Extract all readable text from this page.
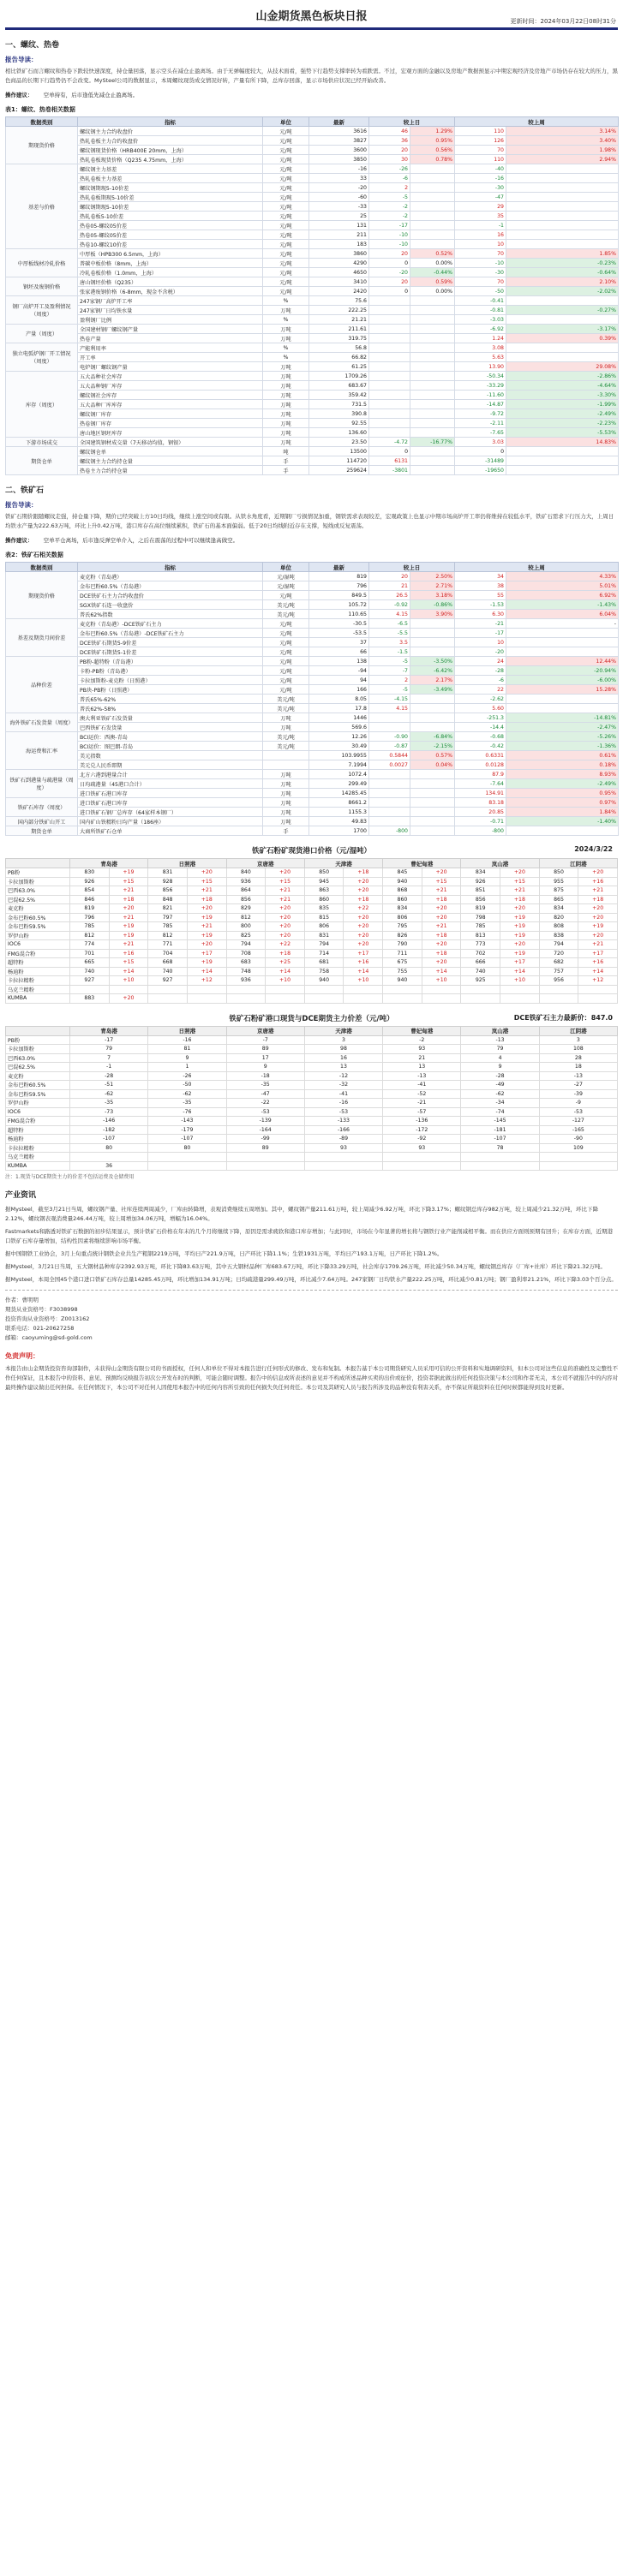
山金期货黑色板块日报	更新时间：2024年03月22日08时31分
一、螺纹、热卷
报告导读：
相比铁矿石而言螺纹和热卷下跌较快速深度，持仓量回落，显示空头在减仓止盈离场。由于无弹幅度较大，从技术面看，强势下行趋势支撑率转为看跌需。不过，宏观方面的金融以及房地产数据预显示中期宏观经济及房地产市场仍存在较大的压力，黑色商品的长期下行趋势仍不会改变。MySteel公司的数据显示，本周螺纹现货成交情况好转，产量有所下降，总库存回落，显示市场供应状况已经开始改善。
操作建议： 空单持有，后市逢低先减仓止盈离场。
表1：螺纹、热卷相关数据
数据类别	指标	单位	最新	较上日		较上周	
期现货价格	螺纹钢主力合约收盘价	元/吨	3616	46	1.29%	110	3.14%
	热轧卷板主力合约收盘价	元/吨	3827	36	0.95%	126	3.40%
	螺纹钢现货价格（HRB400E 20mm，上海）	元/吨	3600	20	0.56%	70	1.98%
	热轧卷板现货价格（Q235 4.75mm，上海）	元/吨	3850	30	0.78%	110	2.94%
基差与价格	螺纹钢主力基差	元/吨	-16	-26		-40	
	热轧卷板主力基差	元/吨	33	-6		-16	
	螺纹钢期现5-10价差	元/吨	-20	2		-30	
	热轧卷板期现5-10价差	元/吨	-60	-5		-47	
	螺纹钢期现5-10价差	元/吨	-33	-2		29	
	热轧卷板5-10价差	元/吨	25	-2		35	
	热卷05-螺纹05价差	元/吨	131	-17		-1	
	热卷05-螺纹05价差	元/吨	211	-10		16	
	热卷10-螺纹10价差	元/吨	183	-10		10	
中厚板线材冷轧价格	中厚板（HPB300 6.5mm，上海）	元/吨	3860	20	0.52%	70	1.85%
	普碳中板价格（8mm，上海）	元/吨	4290	0	0.00%	-10	-0.23%
	冷轧卷板价格（1.0mm，上海）	元/吨	4650	-20	-0.44%	-30	-0.64%
钢坯及废钢价格	唐山钢坯价格（Q235）	元/吨	3410	20	0.59%	70	2.10%
	张家港废钢价格（6-8mm，现金不含税）	元/吨	2420	0	0.00%	-50	-2.02%
钢厂高炉开工及盈利情况（周度）	247家钢厂高炉开工率	%	75.6			-0.41	
	247家钢厂日均铁水量	万吨	222.25			-0.81	-0.27%
	盈利钢厂比例	%	21.21			-3.03	
产量（周度）	全国建材钢厂螺纹钢产量	万吨	211.61			-6.92	-3.17%
	热卷产量	万吨	319.75			1.24	0.39%
独立电弧炉钢厂开工情况（周度）	产能利用率	%	56.8			3.08	
	开工率	%	66.82			5.63	
	电炉钢厂螺纹钢产量	万吨	61.25			13.90	29.08%
库存（周度）	五大品种社会库存	万吨	1709.26			-50.34	-2.86%
	五大品种钢厂库存	万吨	683.67			-33.29	-4.64%
	螺纹钢社会库存	万吨	359.42			-11.60	-3.30%
	五大品种厂库库存	万吨	731.5			-14.87	-1.99%
	螺纹钢厂库存	万吨	390.8			-9.72	-2.49%
	热卷钢厂库存	万吨	92.55			-2.11	-2.23%
	唐山地区钢坯库存	万吨	136.60			-7.65	-5.53%
下游市场成交	全国建筑钢材成交量（7天移动均值，钢银）	万吨	23.50	-4.72	-16.77%	3.03	14.83%
期货仓单	螺纹钢仓单	吨	13500	0		0	
	螺纹钢主力合约持仓量	手	114720	6131		-31489	
	热卷主力合约持仓量	手	259624	-3801		-19650	
二、铁矿石
报告导读：
铁矿石期价跟随螺纹走强，持仓量下降，期价已经突破上方10日均线，继续上涨空间或有限。从铁水角度看，近期钢厂亏损情况加重，钢铁需求表现较差，宏观政策上也显示中期市场高炉开工率仍将维持在较低水平，铁矿石需求下行压力大，上周日均铁水产量为222.63万吨，环比上升0.42万吨，港口库存在高位继续累积，铁矿石的基本面偏弱。低于20日均线附近存在支撑，短线或反复震荡。
操作建议： 空单平仓离场，后市逢反弹空单介入，之后在震荡的过程中可以继续逢高做空。
表2：铁矿石相关数据
数据类别	指标	单位	最新	较上日		较上周	
期现货价格	麦克粉（青岛港）	元/湿吨	819	20	2.50%	34	4.33%
	金布巴粉60.5%（青岛港）	元/湿吨	796	21	2.71%	38	5.01%
	DCE铁矿石主力合约收盘价	元/吨	849.5	26.5	3.18%	55	6.92%
	SGX铁矿石连一收盘价	美元/吨	105.72	-0.92	-0.86%	-1.53	-1.43%
	普氏62%指数	美元/吨	110.65	4.15	3.90%	6.30	6.04%
基差及期货月间价差	麦克粉（青岛港）-DCE铁矿石主力	元/吨	-30.5	-6.5		-21	-
	金布巴粉60.5%（青岛港）-DCE铁矿石主力	元/吨	-53.5	-5.5		-17	
	DCE铁矿石期货5-9价差	元/吨	37	3.5		10	
	DCE铁矿石期货5-1价差	元/吨	66	-1.5		-20	
品种价差	PB粉-超特粉（青岛港）	元/吨	138	-5	-3.50%	24	12.44%
	卡粉-PB粉（青岛港）	元/吨	-94	-7	-6.42%	-28	-20.94%
	卡拉加斯粉-麦克粉（日照港）	元/吨	94	2	2.17%	-6	-6.00%
	PB块-PB粉（日照港）	元/吨	166	-5	-3.49%	22	15.28%
	普氏65%-62%	美元/吨	8.05	-4.15		-2.62	
	普氏62%-58%	美元/吨	17.8	4.15		5.60	
海外铁矿石发货量（周度）	澳大利亚铁矿石发货量	万吨	1446			-251.3	-14.81%
	巴西铁矿石发货量	万吨	569.6			-14.4	-2.47%
海运费和汇率	BCI运价：西澳-青岛	美元/吨	12.26	-0.90	-6.84%	-0.68	-5.26%
	BCI运价：图巴朗-青岛	美元/吨	30.49	-0.87	-2.15%	-0.42	-1.36%
	美元指数		103.9955	0.5844	0.57%	0.6331	0.61%
	美元兑人民币即期		7.1994	0.0027	0.04%	0.0128	0.18%
铁矿石到港量与疏港量（周度）	北方六港到港量合计	万吨	1072.4			87.9	8.93%
	日均疏港量（45港口合计）	万吨	299.49			-7.64	-2.49%
	进口铁矿石港口库存	万吨	14285.45			134.91	0.95%
铁矿石库存（周度）	进口铁矿石港口库存	万吨	8661.2			83.18	0.97%
	进口铁矿石钢厂总库存（64家样本钢厂）	万吨	1155.3			20.85	1.84%
国内部分铁矿山开工	国内矿山铁精粉日均产量（186座）	万吨	49.83			-0.71	-1.40%
期货仓单	大商所铁矿石仓单	手	1700	-800		-800	
铁矿石粉矿现货港口价格（元/湿吨）	2024/3/22
	青岛港		日照港		京唐港		天津港		曹妃甸港		岚山港		江阴港	
PB粉	830	+19	831	+20	840	+20	850	+18	845	+20	834	+20	850	+20
卡拉加斯粉	926	+15	928	+15	936	+15	945	+20	940	+15	926	+15	955	+16
巴西63.0%	854	+21	856	+21	864	+21	863	+20	868	+21	851	+21	875	+21
巴混62.5%	846	+18	848	+18	856	+21	860	+18	860	+18	856	+18	865	+18
麦克粉	819	+20	821	+20	829	+20	835	+22	834	+20	819	+20	834	+20
金布巴粉60.5%	796	+21	797	+19	812	+20	815	+20	806	+20	798	+19	820	+20
金布巴粉59.5%	785	+19	785	+21	800	+20	806	+20	795	+21	785	+19	808	+19
罗伊山粉	812	+19	812	+19	825	+20	831	+20	826	+18	813	+19	838	+20
IOC6	774	+21	771	+20	794	+22	794	+20	790	+20	773	+20	794	+21
FMG混合粉	701	+16	704	+17	708	+18	714	+17	711	+18	702	+19	720	+17
超特粉	665	+15	668	+19	683	+25	681	+16	675	+20	666	+17	682	+16
杨迪粉	740	+14	740	+14	748	+14	758	+14	755	+14	740	+14	757	+14
卡拉拉精粉	927	+10	927	+12	936	+10	940	+10	940	+10	925	+10	956	+12
乌克兰精粉														
KUMBA	883	+20												
铁矿石粉矿港口现货与DCE期货主力价差（元/吨）	DCE铁矿石主力最新价：847.0
	青岛港	日照港	京唐港	天津港	曹妃甸港	岚山港	江阴港
PB粉	-17	-16	-7	3	-2	-13	3
卡拉加斯粉	79	81	89	98	93	79	108
巴西63.0%	7	9	17	16	21	4	28
巴混62.5%	-1	1	9	13	13	9	18
麦克粉	-28	-26	-18	-12	-13	-28	-13
金布巴粉60.5%	-51	-50	-35	-32	-41	-49	-27
金布巴粉59.5%	-62	-62	-47	-41	-52	-62	-39
罗伊山粉	-35	-35	-22	-16	-21	-34	-9
IOC6	-73	-76	-53	-53	-57	-74	-53
FMG混合粉	-146	-143	-139	-133	-136	-145	-127
超特粉	-182	-179	-164	-166	-172	-181	-165
杨迪粉	-107	-107	-99	-89	-92	-107	-90
卡拉拉精粉	80	80	89	93	93	78	109
乌克兰精粉							
KUMBA	36						
注：1.现货与DCE期货主力的价差不包括运费及仓储费用
产业资讯
据Mysteel，截至3月21日当周，螺纹钢产量、社库连续两周减少，厂库由转降增，表观消费继续五周增加。其中，螺纹钢产量211.61万吨，较上周减少6.92万吨，环比下降3.17%；螺纹钢总库存982万吨，较上周减少21.32万吨，环比下降2.12%，螺纹钢表观消费量246.44万吨，较上周增加34.06万吨，增幅为16.04%。
Fastmarkets和路透对铁矿石数据的初步结果显示，预计铁矿石价格在年末的几个月将继续下降，原因是需求疲软和港口库存增加；与此同时，市场在今年显著的增长将与钢铁行业产能削减相平衡。而在供应方面则预期有回升；在库存方面，近期港口铁矿石库存量增加，结构性因素将继续影响市场平衡。
据中国钢铁工业协会，3月上旬重点统计钢铁企业共生产粗钢2219万吨，平均日产221.9万吨，日产环比下降1.1%；生铁1931万吨，平均日产193.1万吨，日产环比下降1.2%。
据Mysteel，3月21日当周，五大钢材品种库存2392.93万吨，环比下降83.63万吨，其中五大钢材品种厂库683.67万吨，环比下降33.29万吨，社会库存1709.26万吨，环比减少50.34万吨，螺纹钢总库存（厂库+社库）环比下降21.32万吨。
据Mysteel，本周全国45个港口进口铁矿石库存总量14285.45万吨，环比增加134.91万吨；日均疏港量299.49万吨，环比减少7.64万吨。247家钢厂日均铁水产量222.25万吨，环比减少0.81万吨；钢厂盈利率21.21%，环比下降3.03个百分点。
作者：曹明明
期货从业资格号：F3038998
投资咨询从业资格号：Z0013162
联系电话：021-20627258
邮箱：caoyuming@sd-gold.com
免责声明：
本报告由山金期货投资咨询部制作，未获得山金期货有限公司的书面授权，任何人和单位不得对本报告进行任何形式的修改、发布和复制。本报告基于本公司期货研究人员采用可信的公开资料和实地调研资料，但本公司对这些信息的准确性及完整性不作任何保证，且本报告中的资料、意见、预测均反映报告初次公开发布时的判断，可能会随时调整。报告中的信息或所表述的意见并不构成所述品种买卖的出价或征价，投资者据此做出的任何投资决策与本公司和作者无关，本公司不就报告中的内容对最终操作建议做出任何担保。在任何情况下，本公司不对任何人因使用本报告中的任何内容所引致的任何损失负任何责任。本公司及其研究人员与报告所涉及的品种没有利害关系，亦不保证所载资料在任何时候都能得到及时更新。
